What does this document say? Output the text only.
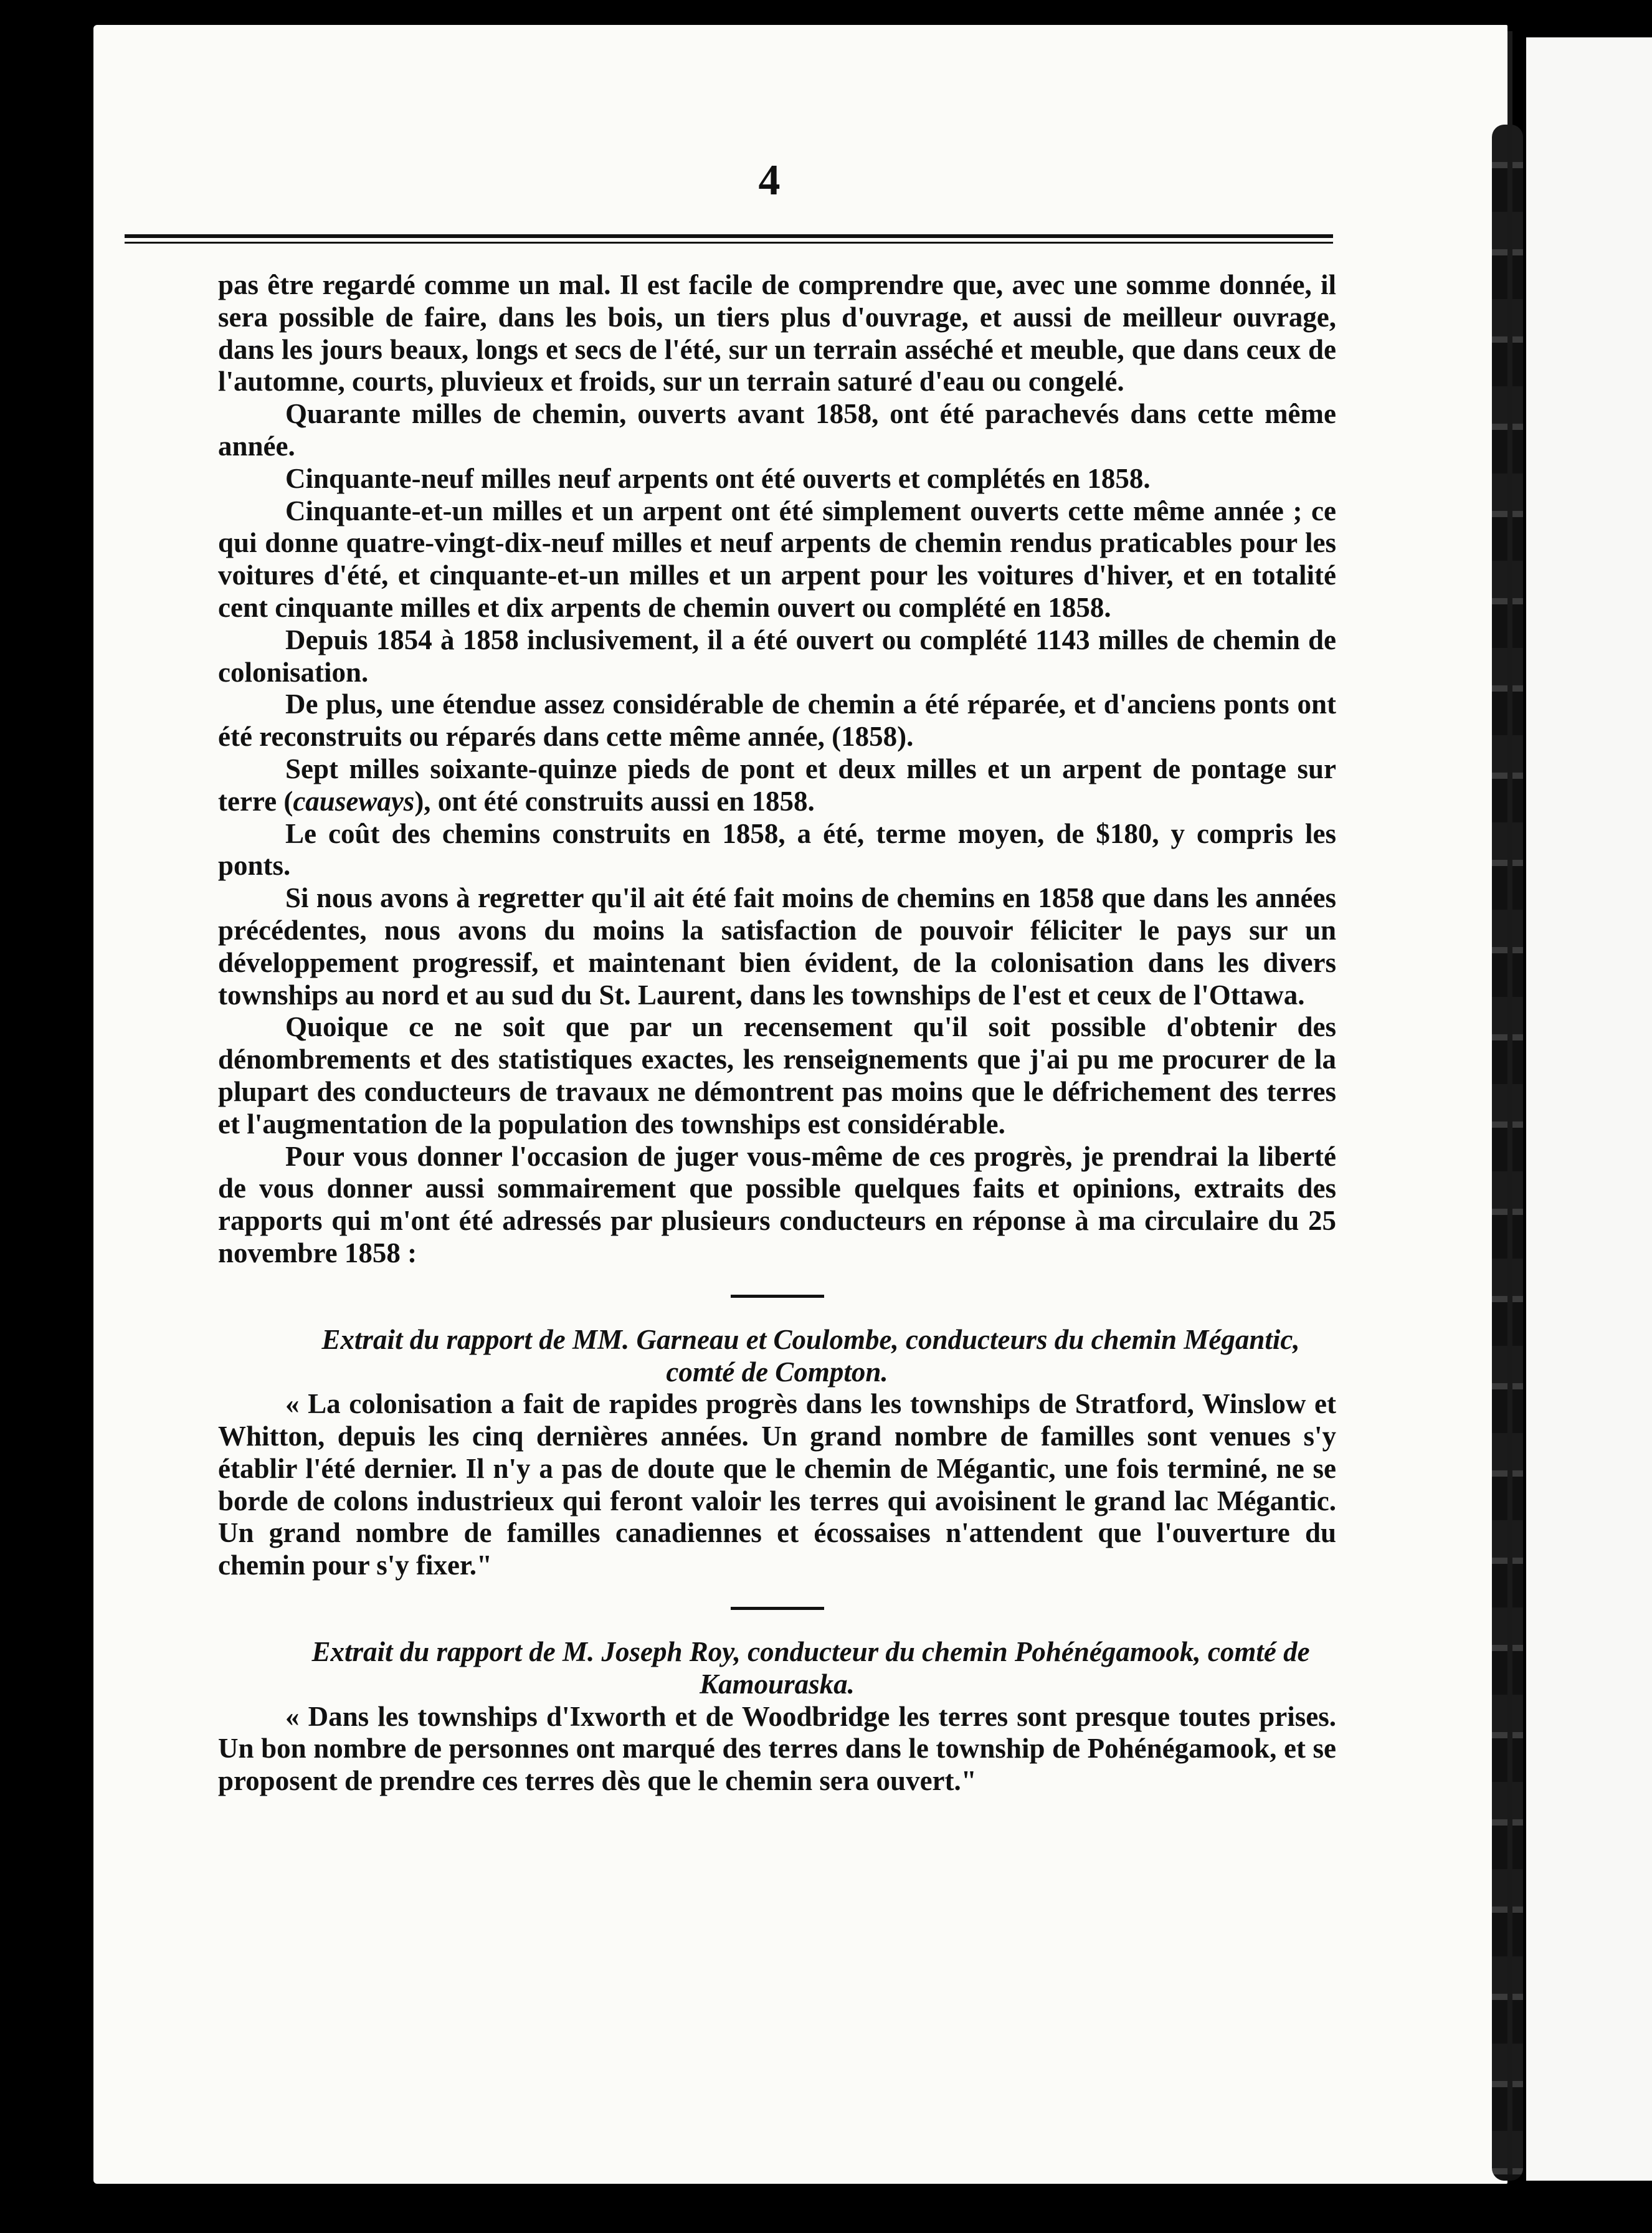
4

pas être regardé comme un mal. Il est facile de comprendre que, avec une somme donnée, il sera possible de faire, dans les bois, un tiers plus d'ouvrage, et aussi de meilleur ouvrage, dans les jours beaux, longs et secs de l'été, sur un terrain asséché et meuble, que dans ceux de l'automne, courts, pluvieux et froids, sur un terrain saturé d'eau ou congelé.

Quarante milles de chemin, ouverts avant 1858, ont été parachevés dans cette même année.

Cinquante-neuf milles neuf arpents ont été ouverts et complétés en 1858.

Cinquante-et-un milles et un arpent ont été simplement ouverts cette même année ; ce qui donne quatre-vingt-dix-neuf milles et neuf arpents de chemin rendus praticables pour les voitures d'été, et cinquante-et-un milles et un arpent pour les voitures d'hiver, et en totalité cent cinquante milles et dix arpents de chemin ouvert ou complété en 1858.

Depuis 1854 à 1858 inclusivement, il a été ouvert ou complété 1143 milles de chemin de colonisation.

De plus, une étendue assez considérable de chemin a été réparée, et d'anciens ponts ont été reconstruits ou réparés dans cette même année, (1858).

Sept milles soixante-quinze pieds de pont et deux milles et un arpent de pontage sur terre (causeways), ont été construits aussi en 1858.

Le coût des chemins construits en 1858, a été, terme moyen, de $180, y compris les ponts.

Si nous avons à regretter qu'il ait été fait moins de chemins en 1858 que dans les années précédentes, nous avons du moins la satisfaction de pouvoir féliciter le pays sur un développement progressif, et maintenant bien évident, de la colonisation dans les divers townships au nord et au sud du St. Laurent, dans les townships de l'est et ceux de l'Ottawa.

Quoique ce ne soit que par un recensement qu'il soit possible d'obtenir des dénombrements et des statistiques exactes, les renseignements que j'ai pu me procurer de la plupart des conducteurs de travaux ne démontrent pas moins que le défrichement des terres et l'augmentation de la population des townships est considérable.

Pour vous donner l'occasion de juger vous-même de ces progrès, je prendrai la liberté de vous donner aussi sommairement que possible quelques faits et opinions, extraits des rapports qui m'ont été adressés par plusieurs conducteurs en réponse à ma circulaire du 25 novembre 1858 :

Extrait du rapport de MM. Garneau et Coulombe, conducteurs du chemin Mégantic, comté de Compton.

« La colonisation a fait de rapides progrès dans les townships de Stratford, Winslow et Whitton, depuis les cinq dernières années. Un grand nombre de familles sont venues s'y établir l'été dernier. Il n'y a pas de doute que le chemin de Mégantic, une fois terminé, ne se borde de colons industrieux qui feront valoir les terres qui avoisinent le grand lac Mégantic. Un grand nombre de familles canadiennes et écossaises n'attendent que l'ouverture du chemin pour s'y fixer."

Extrait du rapport de M. Joseph Roy, conducteur du chemin Pohénégamook, comté de Kamouraska.

« Dans les townships d'Ixworth et de Woodbridge les terres sont presque toutes prises. Un bon nombre de personnes ont marqué des terres dans le township de Pohénégamook, et se proposent de prendre ces terres dès que le chemin sera ouvert."
